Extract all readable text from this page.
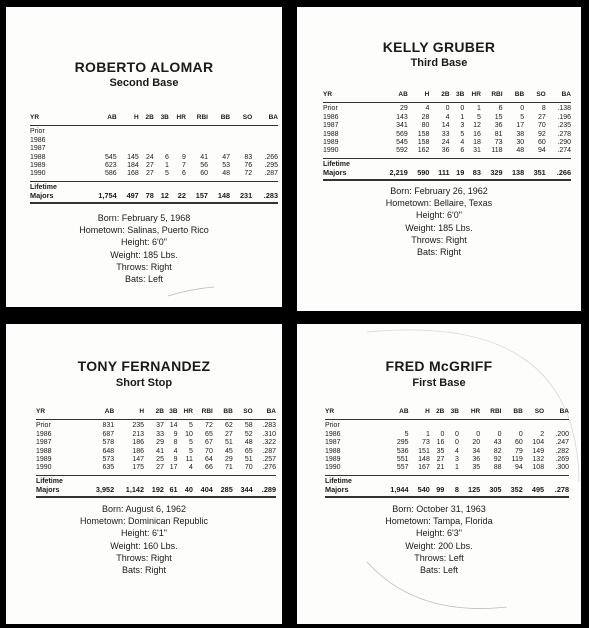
ROBERTO ALOMAR
Second Base
YR	AB	H	2B	3B	HR	RBI	BB	SO	BA
Prior									
1986									
1987									
1988	545	145	24	6	9	41	47	83	.266
1989	623	184	27	1	7	56	53	76	.295
1990	586	168	27	5	6	60	48	72	.287
Lifetime									
Majors	1,754	497	78	12	22	157	148	231	.283
Born: February 5, 1968
Hometown: Salinas, Puerto Rico
Height: 6'0"
Weight: 185 Lbs.
Throws: Right
Bats: Left
KELLY GRUBER
Third Base
YR	AB	H	2B	3B	HR	RBI	BB	SO	BA
Prior	29	4	0	0	1	6	0	8	.138
1986	143	28	4	1	5	15	5	27	.196
1987	341	80	14	3	12	36	17	70	.235
1988	569	158	33	5	16	81	38	92	.278
1989	545	158	24	4	18	73	30	60	.290
1990	592	162	36	6	31	118	48	94	.274
Lifetime									
Majors	2,219	590	111	19	83	329	138	351	.266
Born: February 26, 1962
Hometown: Bellaire, Texas
Height: 6'0"
Weight: 185 Lbs.
Throws: Right
Bats: Right
TONY FERNANDEZ
Short Stop
YR	AB	H	2B	3B	HR	RBI	BB	SO	BA
Prior	831	235	37	14	5	72	62	58	.283
1986	687	213	33	9	10	65	27	52	.310
1987	578	186	29	8	5	67	51	48	.322
1988	648	186	41	4	5	70	45	65	.287
1989	573	147	25	9	11	64	29	51	.257
1990	635	175	27	17	4	66	71	70	.276
Lifetime									
Majors	3,952	1,142	192	61	40	404	285	344	.289
Born: August 6, 1962
Hometown: Dominican Republic
Height: 6'1"
Weight: 160 Lbs.
Throws: Right
Bats: Right
FRED McGRIFF
First Base
YR	AB	H	2B	3B	HR	RBI	BB	SO	BA
Prior									
1986	5	1	0	0	0	0	0	2	.200
1987	295	73	16	0	20	43	60	104	.247
1988	536	151	35	4	34	82	79	149	.282
1989	551	148	27	3	36	92	119	132	.269
1990	557	167	21	1	35	88	94	108	.300
Lifetime									
Majors	1,944	540	99	8	125	305	352	495	.278
Born: October 31, 1963
Hometown: Tampa, Florida
Height: 6'3"
Weight: 200 Lbs.
Throws: Left
Bats: Left
